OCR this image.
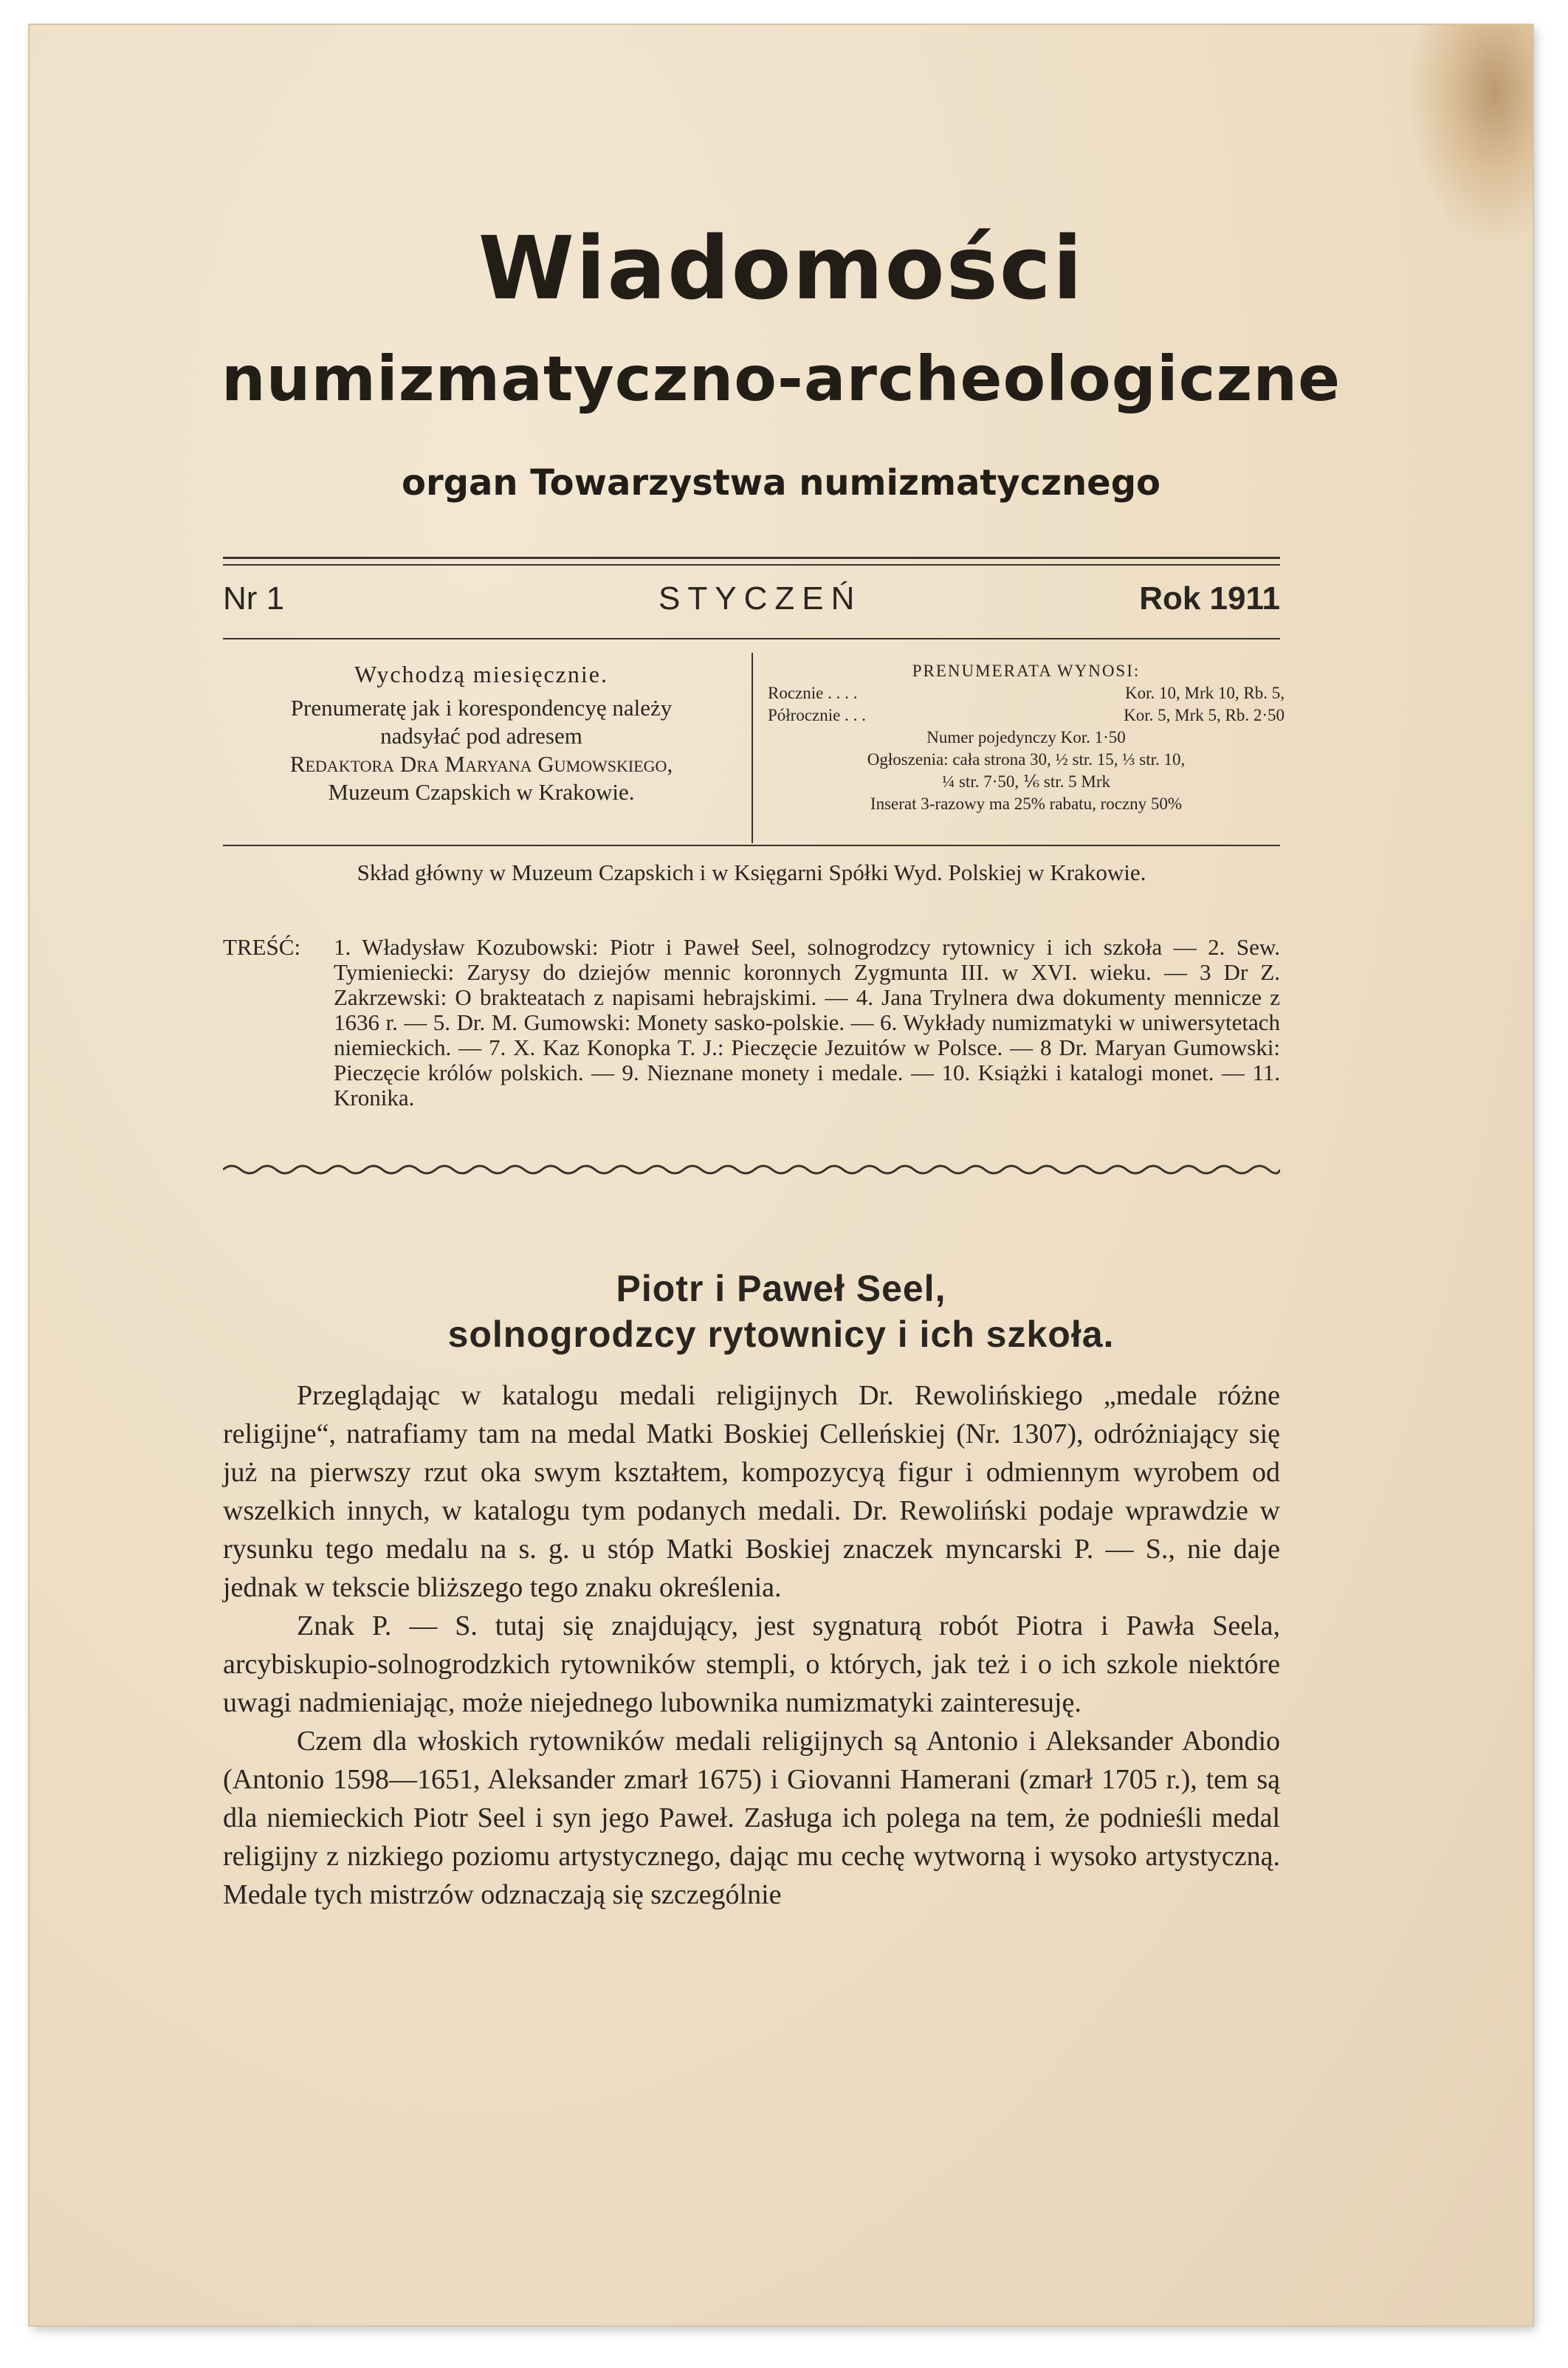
Wiadomości
numizmatyczno-archeologiczne
organ Towarzystwa numizmatycznego
Nr 1	STYCZEŃ	Rok 1911
Wychodzą miesięcznie.
Prenumeratę jak i korespondencyę należy
nadsyłać pod adresem
Redaktora Dra Maryana Gumowskiego,
Muzeum Czapskich w Krakowie.
PRENUMERATA WYNOSI:
Rocznie . . . .	Kor. 10, Mrk 10, Rb. 5,
Półrocznie . . .	Kor. 5, Mrk 5, Rb. 2·50
Numer pojedynczy Kor. 1·50
Ogłoszenia: cała strona 30, ½ str. 15, ⅓ str. 10,
¼ str. 7·50, ⅙ str. 5 Mrk
Inserat 3-razowy ma 25% rabatu, roczny 50%
Skład główny w Muzeum Czapskich i w Księgarni Spółki Wyd. Polskiej w Krakowie.
TREŚĆ: 1. Władysław Kozubowski: Piotr i Paweł Seel, solnogrodzcy rytownicy i ich szkoła — 2. Sew. Tymieniecki: Zarysy do dziejów mennic koronnych Zygmunta III. w XVI. wieku. — 3 Dr Z. Zakrzewski: O brakteatach z napisami hebrajskimi. — 4. Jana Trylnera dwa dokumenty mennicze z 1636 r. — 5. Dr. M. Gumowski: Monety sasko-polskie. — 6. Wykłady numizmatyki w uniwersytetach niemieckich. — 7. X. Kaz Konopka T. J.: Pieczęcie Jezuitów w Polsce. — 8 Dr. Maryan Gumowski: Pieczęcie królów polskich. — 9. Nieznane monety i medale. — 10. Książki i katalogi monet. — 11. Kronika.
Piotr i Paweł Seel,
solnogrodzcy rytownicy i ich szkoła.

Przeglądając w katalogu medali religijnych Dr. Rewolińskiego „medale różne religijne“, natrafiamy tam na medal Matki Boskiej Celleńskiej (Nr. 1307), odróżniający się już na pierwszy rzut oka swym kształtem, kompozycyą figur i odmiennym wyrobem od wszelkich innych, w katalogu tym podanych medali. Dr. Rewoliński podaje wprawdzie w rysunku tego medalu na s. g. u stóp Matki Boskiej znaczek myncarski P. — S., nie daje jednak w tekscie bliższego tego znaku określenia.

Znak P. — S. tutaj się znajdujący, jest sygnaturą robót Piotra i Pawła Seela, arcybiskupio-solnogrodzkich rytowników stempli, o których, jak też i o ich szkole niektóre uwagi nadmieniając, może niejednego lubownika numizmatyki zainteresuję.

Czem dla włoskich rytowników medali religijnych są Antonio i Aleksander Abondio (Antonio 1598—1651, Aleksander zmarł 1675) i Giovanni Hamerani (zmarł 1705 r.), tem są dla niemieckich Piotr Seel i syn jego Paweł. Zasługa ich polega na tem, że podnieśli medal religijny z nizkiego poziomu artystycznego, dając mu cechę wytworną i wysoko artystyczną. Medale tych mistrzów odznaczają się szczególnie
